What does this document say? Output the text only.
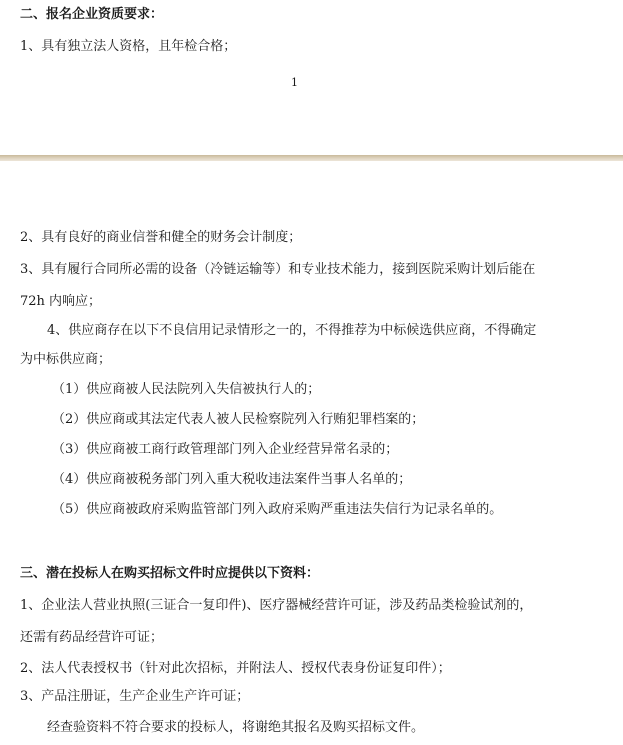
二、报名企业资质要求：
1、具有独立法人资格，且年检合格；
1
2、具有良好的商业信誉和健全的财务会计制度；
3、具有履行合同所必需的设备（冷链运输等）和专业技术能力，接到医院采购计划后能在
72h 内响应；
4、供应商存在以下不良信用记录情形之一的，不得推荐为中标候选供应商，不得确定
为中标供应商；
（1）供应商被人民法院列入失信被执行人的；
（2）供应商或其法定代表人被人民检察院列入行贿犯罪档案的；
（3）供应商被工商行政管理部门列入企业经营异常名录的；
（4）供应商被税务部门列入重大税收违法案件当事人名单的；
（5）供应商被政府采购监管部门列入政府采购严重违法失信行为记录名单的。
三、潜在投标人在购买招标文件时应提供以下资料：
1、企业法人营业执照(三证合一复印件)、医疗器械经营许可证，涉及药品类检验试剂的，
还需有药品经营许可证；
2、法人代表授权书（针对此次招标，并附法人、授权代表身份证复印件）；
3、产品注册证，生产企业生产许可证；
经查验资料不符合要求的投标人，将谢绝其报名及购买招标文件。
